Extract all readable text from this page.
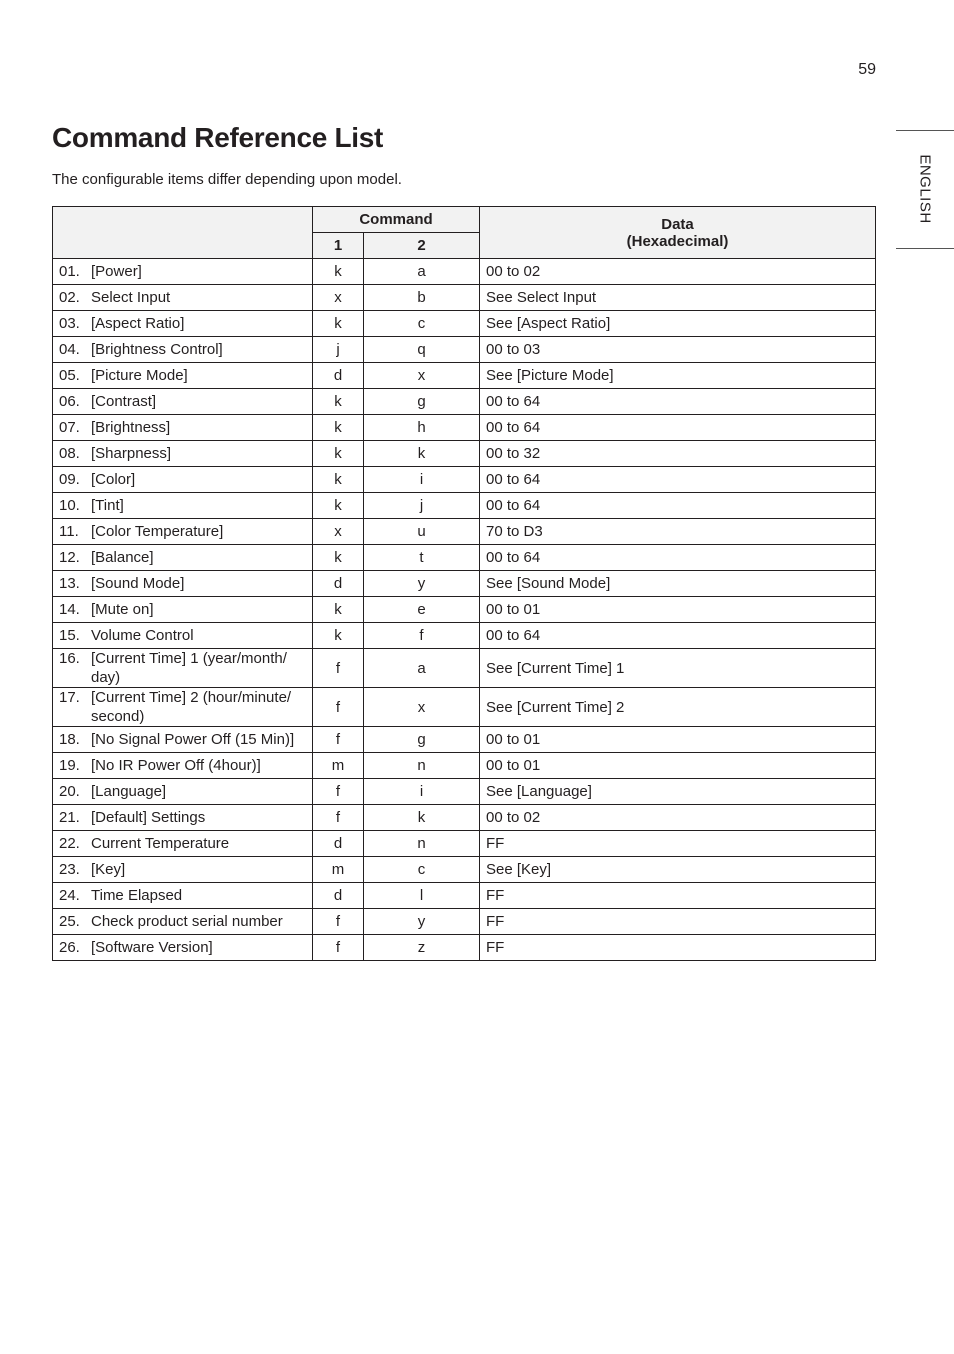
59
ENGLISH
Command Reference List

The configurable items differ depending upon model.

	Command		Data
(Hexadecimal)

	1	2	

01. [Power]	k	a	00 to 02

02. Select Input	x	b	See Select Input

03. [Aspect Ratio]	k	c	See [Aspect Ratio]

04. [Brightness Control]	j	q	00 to 03

05. [Picture Mode]	d	x	See [Picture Mode]

06. [Contrast]	k	g	00 to 64

07. [Brightness]	k	h	00 to 64

08. [Sharpness]	k	k	00 to 32

09. [Color]	k	i	00 to 64

10. [Tint]	k	j	00 to 64

11. [Color Temperature]	x	u	70 to D3

12. [Balance]	k	t	00 to 64

13. [Sound Mode]	d	y	See [Sound Mode]

14. [Mute on]	k	e	00 to 01

15. Volume Control	k	f	00 to 64

16. [Current Time] 1 (year/month/ day)	f	a	See [Current Time] 1

17. [Current Time] 2 (hour/minute/ second)	f	x	See [Current Time] 2

18. [No Signal Power Off (15 Min)]	f	g	00 to 01

19. [No IR Power Off (4hour)]	m	n	00 to 01

20. [Language]	f	i	See [Language]

21. [Default] Settings	f	k	00 to 02

22. Current Temperature	d	n	FF

23. [Key]	m	c	See [Key]

24. Time Elapsed	d	l	FF

25. Check product serial number	f	y	FF

26. [Software Version]	f	z	FF
